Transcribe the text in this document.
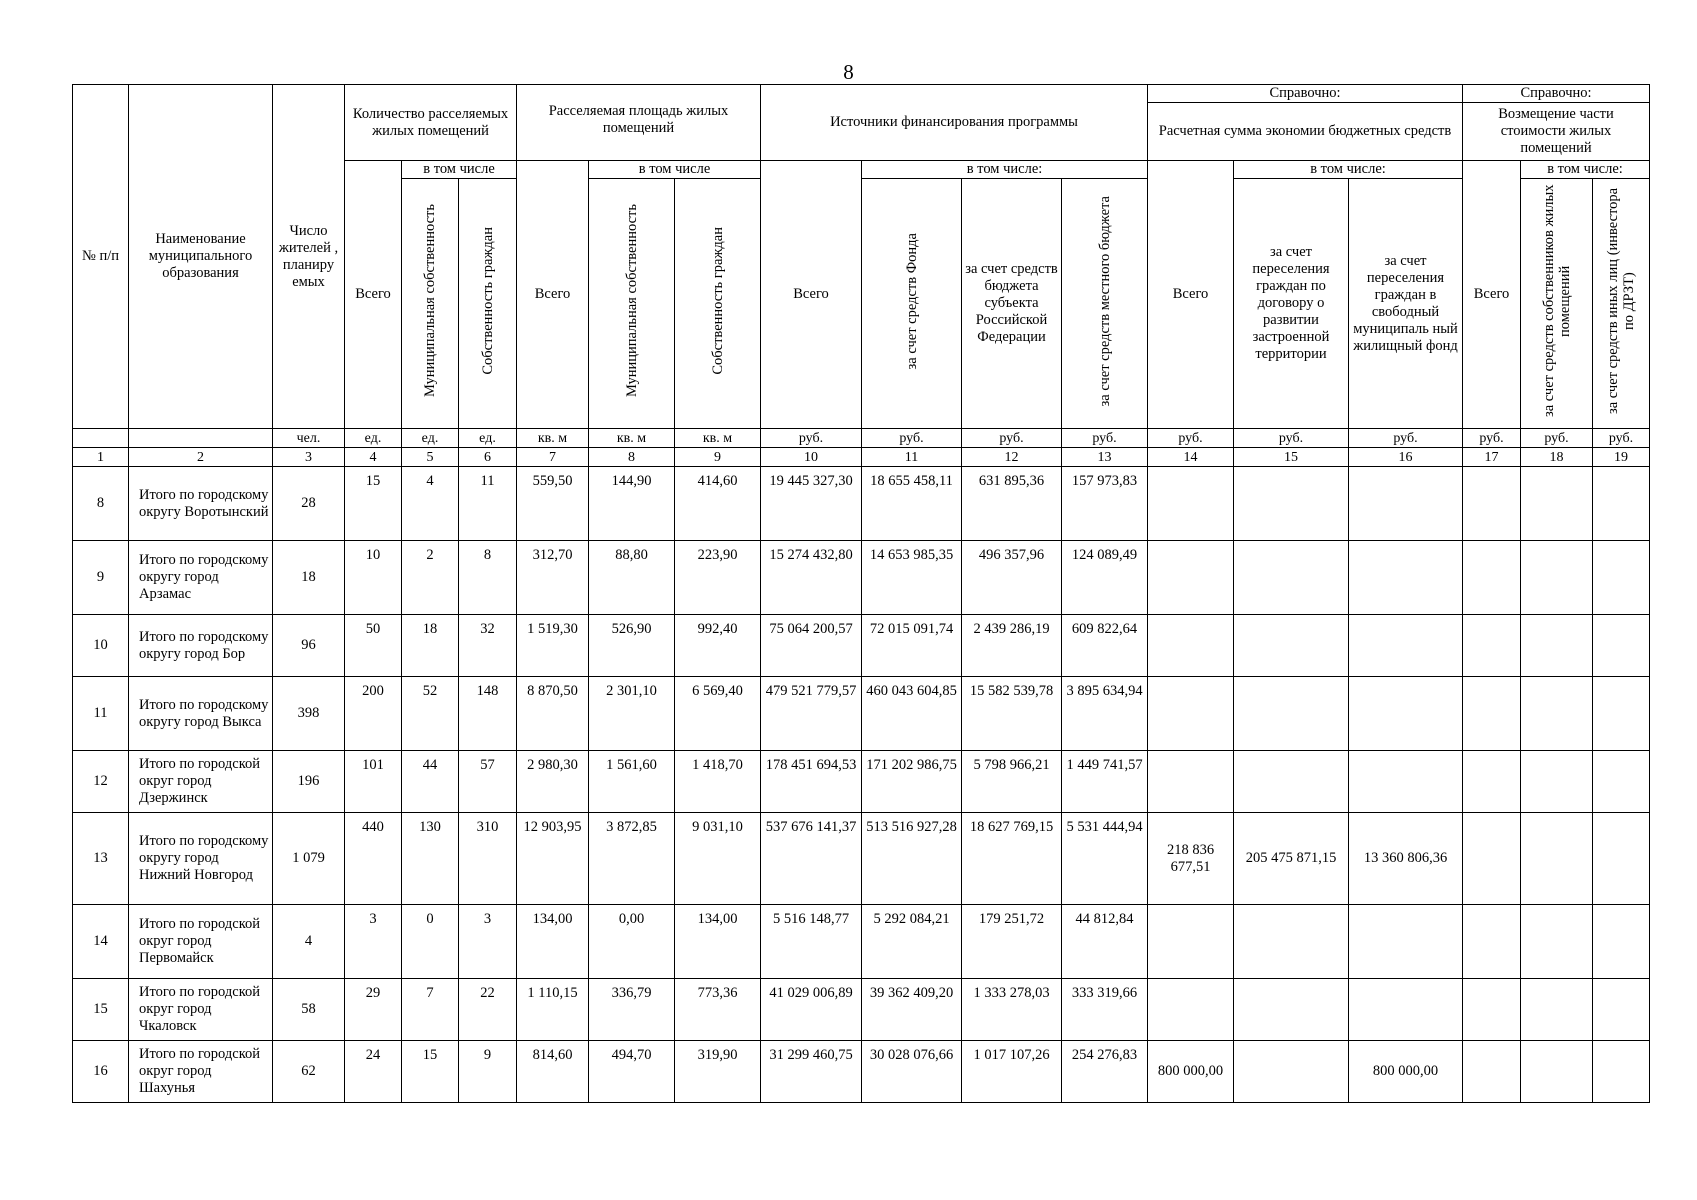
8
№ п/п	Наименование муниципального образования	Число жителей , планиру емых	Количество расселяемых жилых помещений			Расселяемая площадь жилых помещений			Источники финансирования программы				Справочно:			Справочно:		
													Расчетная сумма экономии бюджетных средств			Возмещение части стоимости жилых помещений		
			Всего	в том числе		Всего	в том числе		Всего	в том числе:			Всего	в том числе:		Всего	в том числе:	
				Муниципальная собственность	Собственность граждан		Муниципальная собственность	Собственность граждан		за счет средств Фонда	за счет средств бюджета субъекта Российской Федерации	за счет средств местного бюджета		за счет переселения граждан по договору о развитии застроенной территории	за счет переселения граждан в свободный муниципаль ный жилищный фонд		за счет средств собственников жилых помещений	за счет средств иных лиц (инвестора по ДРЗТ)
		чел.	ед.	ед.	ед.	кв. м	кв. м	кв. м	руб.	руб.	руб.	руб.	руб.	руб.	руб.	руб.	руб.	руб.
1	2	3	4	5	6	7	8	9	10	11	12	13	14	15	16	17	18	19
8	Итого по городскому округу Воротынский	28	15	4	11	559,50	144,90	414,60	19 445 327,30	18 655 458,11	631 895,36	157 973,83						
9	Итого по городскому округу город Арзамас	18	10	2	8	312,70	88,80	223,90	15 274 432,80	14 653 985,35	496 357,96	124 089,49						
10	Итого по городскому округу город Бор	96	50	18	32	1 519,30	526,90	992,40	75 064 200,57	72 015 091,74	2 439 286,19	609 822,64						
11	Итого по городскому округу город Выкса	398	200	52	148	8 870,50	2 301,10	6 569,40	479 521 779,57	460 043 604,85	15 582 539,78	3 895 634,94						
12	Итого по городской округ город Дзержинск	196	101	44	57	2 980,30	1 561,60	1 418,70	178 451 694,53	171 202 986,75	5 798 966,21	1 449 741,57						
13	Итого по городскому округу город Нижний Новгород	1 079	440	130	310	12 903,95	3 872,85	9 031,10	537 676 141,37	513 516 927,28	18 627 769,15	5 531 444,94	218 836 677,51	205 475 871,15	13 360 806,36			
14	Итого по городской округ город Первомайск	4	3	0	3	134,00	0,00	134,00	5 516 148,77	5 292 084,21	179 251,72	44 812,84						
15	Итого по городской округ город Чкаловск	58	29	7	22	1 110,15	336,79	773,36	41 029 006,89	39 362 409,20	1 333 278,03	333 319,66						
16	Итого по городской округ город Шахунья	62	24	15	9	814,60	494,70	319,90	31 299 460,75	30 028 076,66	1 017 107,26	254 276,83	800 000,00		800 000,00			
